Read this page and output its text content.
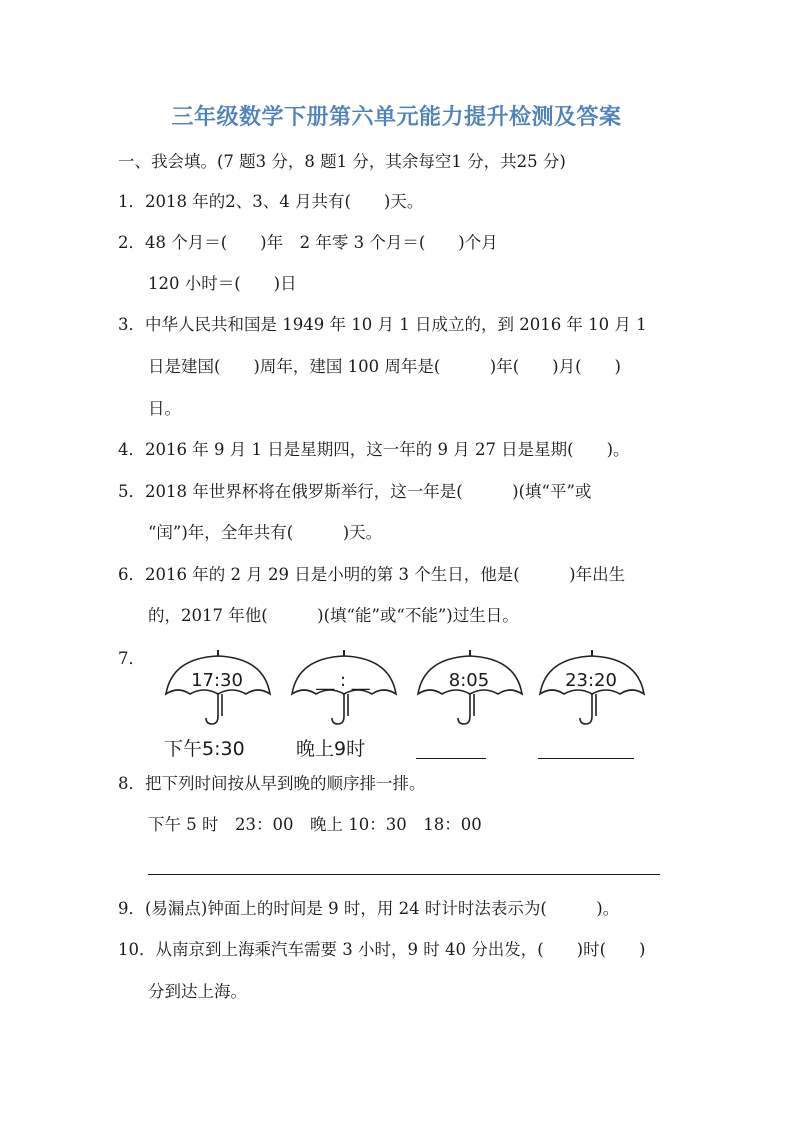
三年级数学下册第六单元能力提升检测及答案
一、我会填。(7 题3 分，8 题1 分，其余每空1 分，共25 分)
1．2018 年的2、3、4 月共有(　　)天。
2．48 个月＝(　　)年　2 年零 3 个月＝(　　)个月
120 小时＝(　　)日
3．中华人民共和国是 1949 年 10 月 1 日成立的，到 2016 年 10 月 1
日是建国(　　)周年，建国 100 周年是(　　　)年(　　)月(　　)
日。
4．2016 年 9 月 1 日是星期四，这一年的 9 月 27 日是星期(　　)。
5．2018 年世界杯将在俄罗斯举行，这一年是(　　　)(填“平”或
“闰”)年，全年共有(　　　)天。
6．2016 年的 2 月 29 日是小明的第 3 个生日，他是(　　　)年出生
的，2017 年他(　　　)(填“能”或“不能”)过生日。
7．
17:30	__ : __	8:05	23:20
下午5:30	晚上9时
8．把下列时间按从早到晚的顺序排一排。
下午 5 时　23：00　晚上 10：30　18：00
9．(易漏点)钟面上的时间是 9 时，用 24 时计时法表示为(　　　)。
10．从南京到上海乘汽车需要 3 小时，9 时 40 分出发，(　　)时(　　)
分到达上海。
